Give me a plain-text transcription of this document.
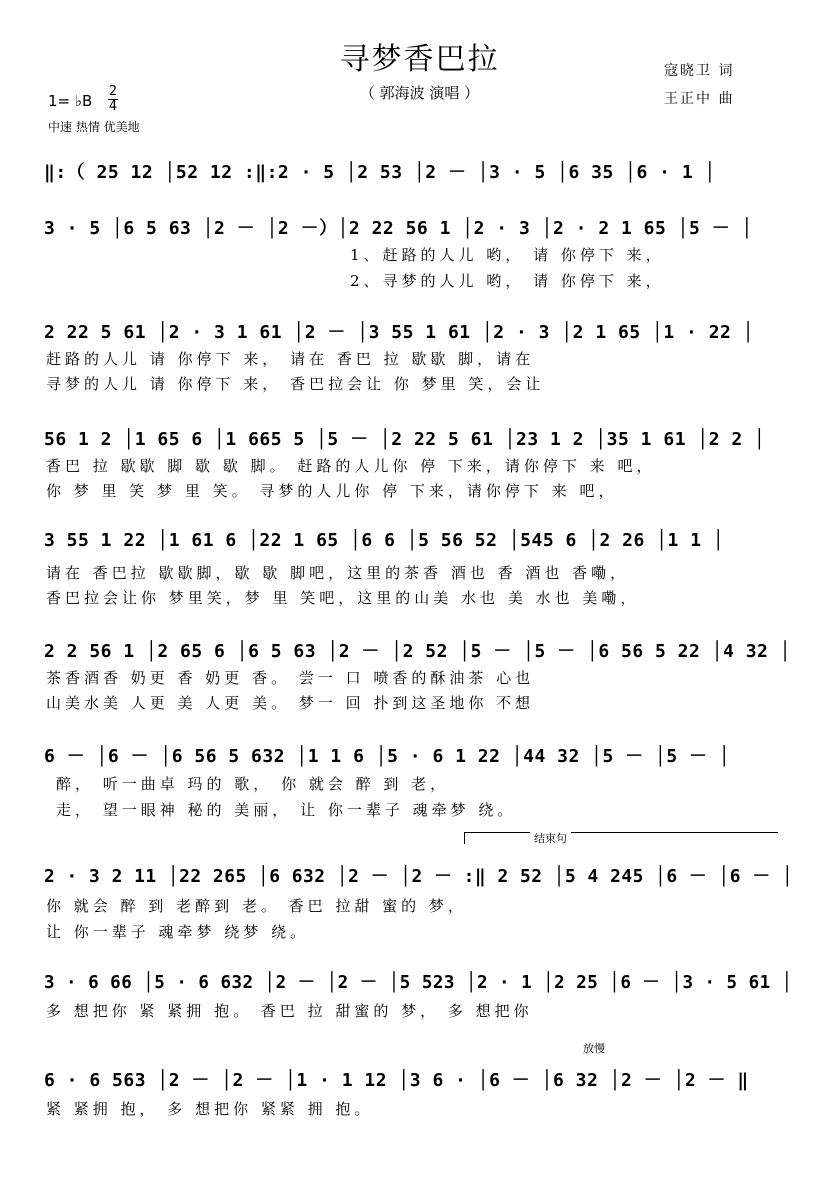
寻梦香巴拉
（ 郭海波 演唱 ）
寇晓卫 词
王正中 曲
1= ♭B
2
4
中速 热情 优美地
‖:（ 25 12 │52 12 :‖:2 · 5 │2 53 │2 － │3 · 5 │6 35 │6 · 1 │
3 · 5 │6 5 63 │2 － │2 －）│2 22 56 1 │2 · 3 │2 · 2 1 65 │5 － │
1、赶路的人儿 哟， 请 你停下 来，
2、寻梦的人儿 哟， 请 你停下 来，
2 22 5 61 │2 · 3 1 61 │2 － │3 55 1 61 │2 · 3 │2 1 65 │1 · 22 │
赶路的人儿 请 你停下 来， 请在 香巴 拉 歇歇 脚，请在
寻梦的人儿 请 你停下 来， 香巴拉会让 你 梦里 笑，会让
56 1 2 │1 65 6 │1 665 5 │5 － │2 22 5 61 │23 1 2 │35 1 61 │2 2 │
香巴 拉 歇歇 脚 歇 歇 脚。 赶路的人儿你 停 下来，请你停下 来 吧，
你 梦 里 笑 梦 里 笑。 寻梦的人儿你 停 下来，请你停下 来 吧，
3 55 1 22 │1 61 6 │22 1 65 │6 6 │5 56 52 │545 6 │2 26 │1 1 │
请在 香巴拉 歇歇脚，歇 歇 脚吧，这里的茶香 酒也 香 酒也 香嘞，
香巴拉会让你 梦里笑，梦 里 笑吧，这里的山美 水也 美 水也 美嘞，
2 2 56 1 │2 65 6 │6 5 63 │2 － │2 52 │5 － │5 － │6 56 5 22 │4 32 │
茶香酒香 奶更 香 奶更 香。 尝一 口 喷香的酥油茶 心也
山美水美 人更 美 人更 美。 梦一 回 扑到这圣地你 不想
6 － │6 － │6 56 5 632 │1 1 6 │5 · 6 1 22 │44 32 │5 － │5 － │
醉， 听一曲卓 玛的 歌， 你 就会 醉 到 老，
走， 望一眼神 秘的 美丽， 让 你一辈子 魂牵梦 绕。
结束句
2 · 3 2 11 │22 265 │6 632 │2 － │2 － :‖ 2 52 │5 4 245 │6 － │6 － │
你 就会 醉 到 老醉到 老。 香巴 拉甜 蜜的 梦，
让 你一辈子 魂牵梦 绕梦 绕。
3 · 6 66 │5 · 6 632 │2 － │2 － │5 523 │2 · 1 │2 25 │6 － │3 · 5 61 │
多 想把你 紧 紧拥 抱。 香巴 拉 甜蜜的 梦， 多 想把你
放慢
6 · 6 563 │2 － │2 － │1 · 1 12 │3 6 · │6 － │6 32 │2 － │2 － ‖
紧 紧拥 抱， 多 想把你 紧紧 拥 抱。
